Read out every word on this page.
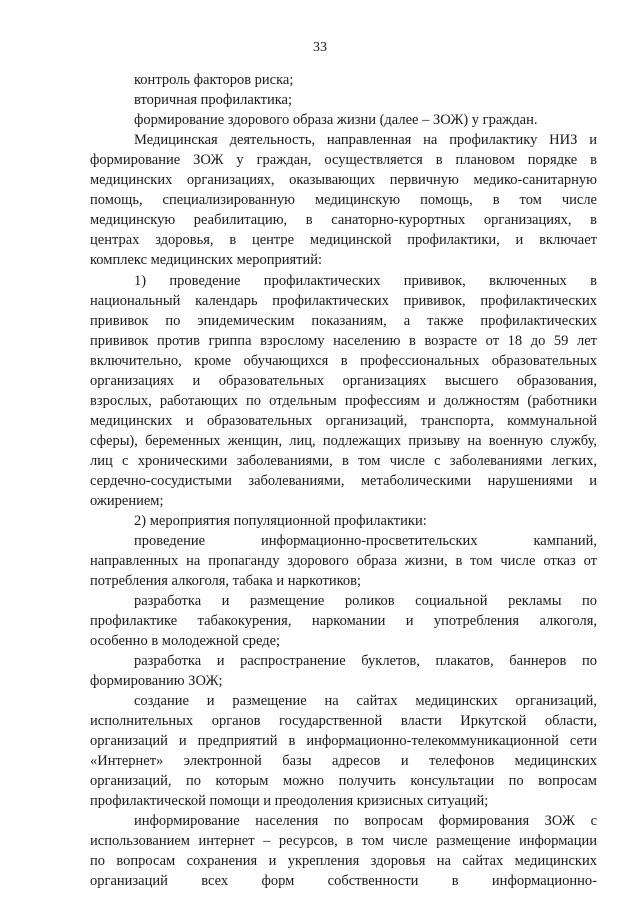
33
контроль факторов риска;
вторичная профилактика;
формирование здорового образа жизни (далее – ЗОЖ) у граждан.
Медицинская деятельность, направленная на профилактику НИЗ и
формирование ЗОЖ у граждан, осуществляется в плановом порядке в
медицинских организациях, оказывающих первичную медико-санитарную
помощь, специализированную медицинскую помощь, в том числе
медицинскую реабилитацию, в санаторно-курортных организациях, в
центрах здоровья, в центре медицинской профилактики, и включает
комплекс медицинских мероприятий:
1) проведение профилактических прививок, включенных в
национальный календарь профилактических прививок, профилактических
прививок по эпидемическим показаниям, а также профилактических
прививок против гриппа взрослому населению в возрасте от 18 до 59 лет
включительно, кроме обучающихся в профессиональных образовательных
организациях и образовательных организациях высшего образования,
взрослых, работающих по отдельным профессиям и должностям (работники
медицинских и образовательных организаций, транспорта, коммунальной
сферы), беременных женщин, лиц, подлежащих призыву на военную службу,
лиц с хроническими заболеваниями, в том числе с заболеваниями легких,
сердечно-сосудистыми заболеваниями, метаболическими нарушениями и
ожирением;
2) мероприятия популяционной профилактики:
проведение информационно-просветительских кампаний,
направленных на пропаганду здорового образа жизни, в том числе отказ от
потребления алкоголя, табака и наркотиков;
разработка и размещение роликов социальной рекламы по
профилактике табакокурения, наркомании и употребления алкоголя,
особенно в молодежной среде;
разработка и распространение буклетов, плакатов, баннеров по
формированию ЗОЖ;
создание и размещение на сайтах медицинских организаций,
исполнительных органов государственной власти Иркутской области,
организаций и предприятий в информационно-телекоммуникационной сети
«Интернет» электронной базы адресов и телефонов медицинских
организаций, по которым можно получить консультации по вопросам
профилактической помощи и преодоления кризисных ситуаций;
информирование населения по вопросам формирования ЗОЖ с
использованием интернет – ресурсов, в том числе размещение информации
по вопросам сохранения и укрепления здоровья на сайтах медицинских
организаций всех форм собственности в информационно-
